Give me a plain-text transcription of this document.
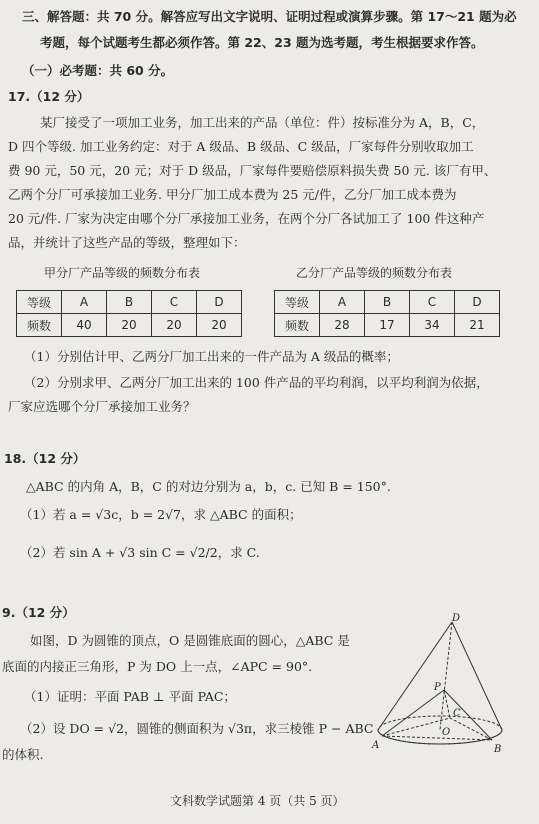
三、解答题：共 70 分。解答应写出文字说明、证明过程或演算步骤。第 17～21 题为必
考题，每个试题考生都必须作答。第 22、23 题为选考题，考生根据要求作答。
（一）必考题：共 60 分。
17.（12 分）
某厂接受了一项加工业务，加工出来的产品（单位：件）按标准分为 A，B，C，
D 四个等级. 加工业务约定：对于 A 级品、B 级品、C 级品，厂家每件分别收取加工
费 90 元，50 元，20 元；对于 D 级品，厂家每件要赔偿原料损失费 50 元. 该厂有甲、
乙两个分厂可承接加工业务. 甲分厂加工成本费为 25 元/件，乙分厂加工成本费为
20 元/件. 厂家为决定由哪个分厂承接加工业务，在两个分厂各试加工了 100 件这种产
品，并统计了这些产品的等级，整理如下：
甲分厂产品等级的频数分布表	乙分厂产品等级的频数分布表
等级	A	B	C	D
频数	40	20	20	20
等级	A	B	C	D
频数	28	17	34	21
（1）分别估计甲、乙两分厂加工出来的一件产品为 A 级品的概率；
（2）分别求甲、乙两分厂加工出来的 100 件产品的平均利润，以平均利润为依据，
厂家应选哪个分厂承接加工业务？
18.（12 分）
△ABC 的内角 A，B，C 的对边分别为 a，b，c. 已知 B = 150°.
（1）若 a = √3c，b = 2√7，求 △ABC 的面积；
（2）若 sin A + √3 sin C = √2/2，求 C.
9.（12 分）
如图，D 为圆锥的顶点，O 是圆锥底面的圆心，△ABC 是
底面的内接正三角形，P 为 DO 上一点，∠APC = 90°.
（1）证明：平面 PAB ⊥ 平面 PAC；
（2）设 DO = √2，圆锥的侧面积为 √3π，求三棱锥 P − ABC
的体积.
D
P
C
O
A	B
文科数学试题第 4 页（共 5 页）
